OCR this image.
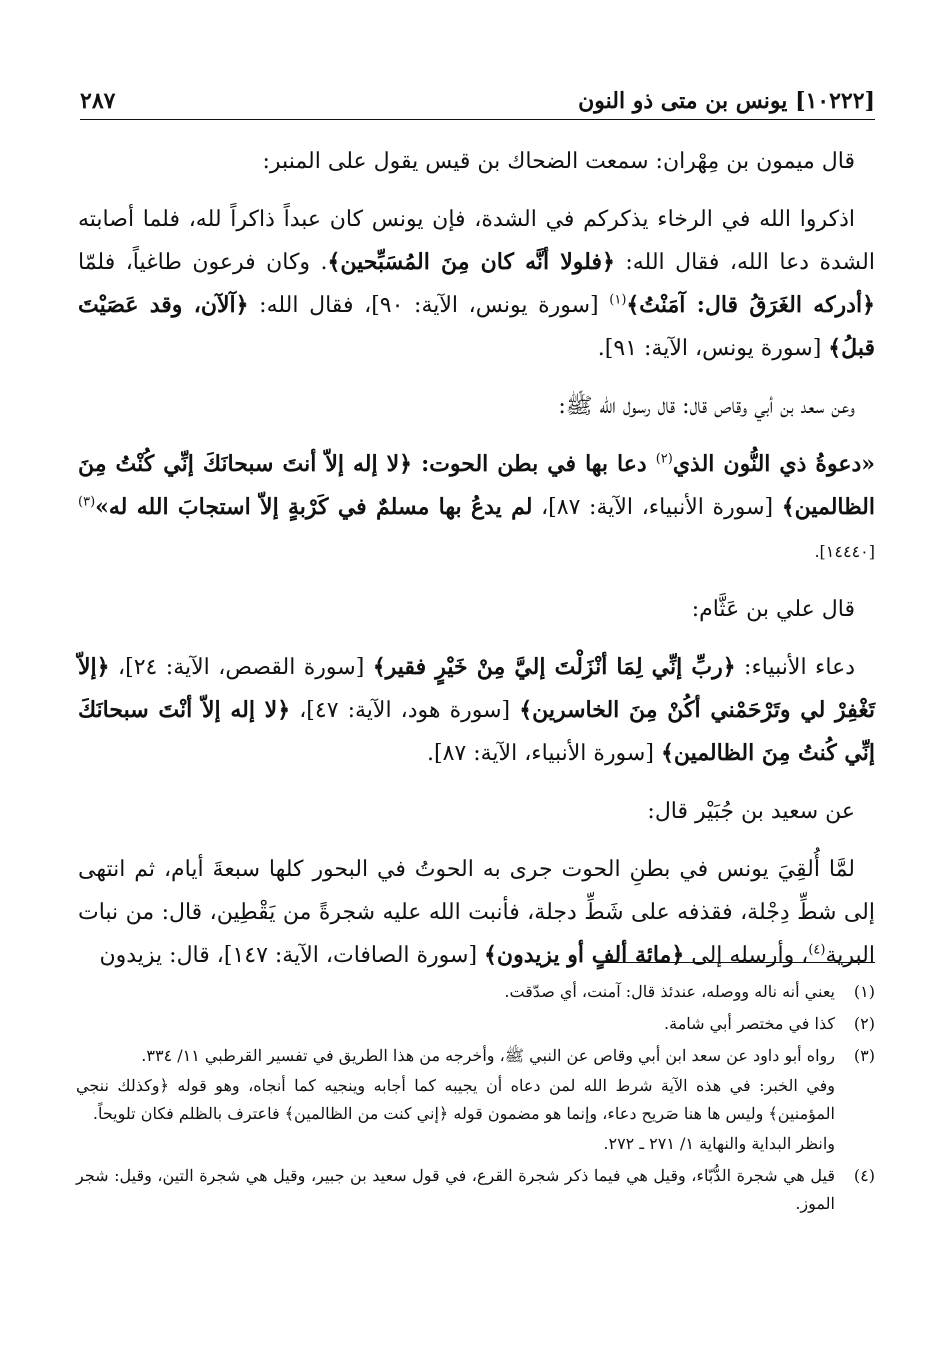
٢٨٧	[١٠٢٢٢] يونس بن متى ذو النون

قال ميمون بن مِهْران: سمعت الضحاك بن قيس يقول على المنبر:

اذكروا الله في الرخاء يذكركم في الشدة، فإن يونس كان عبداً ذاكراً لله، فلما أصابته الشدة دعا الله، فقال الله: ﴿فلولا أنَّه كان مِنَ المُسَبِّحين﴾. وكان فرعون طاغياً، فلمّا ﴿أدركه الغَرَقُ قال: آمَنْتُ﴾$^{(١)}$ [سورة يونس، الآية: ٩٠]، فقال الله: ﴿آلآن، وقد عَصَيْتَ قبلُ﴾ [سورة يونس، الآية: ٩١].

وعن سعد بن أبي وقاص قال: قال رسول الله ﷺ:

«دعوةُ ذي النُّون الذي$^{(٢)}$ دعا بها في بطن الحوت: ﴿لا إله إلاّ أنتَ سبحانَكَ إنِّي كُنْتُ مِنَ الظالمين﴾ [سورة الأنبياء، الآية: ٨٧]، لم يدعُ بها مسلمٌ في كَرْبةٍ إلاّ استجابَ الله له»$^{(٣)}$[١٤٤٤٠].

قال علي بن عَثَّام:

دعاء الأنبياء: ﴿ربِّ إنِّي لِمَا أنْزَلْتَ إليَّ مِنْ خَيْرٍ فقير﴾ [سورة القصص، الآية: ٢٤]، ﴿إلاّ تَغْفِرْ لي وتَرْحَمْني أكُنْ مِنَ الخاسرين﴾ [سورة هود، الآية: ٤٧]، ﴿لا إله إلاّ أنْتَ سبحانَكَ إنِّي كُنتُ مِنَ الظالمين﴾ [سورة الأنبياء، الآية: ٨٧].

عن سعيد بن جُبَيْر قال:

لمَّا أُلقِيَ يونس في بطنِ الحوت جرى به الحوتُ في البحور كلها سبعةَ أيام، ثم انتهى إلى شطِّ دِجْلة، فقذفه على شَطِّ دجلة، فأنبت الله عليه شجرةً من يَقْطِين، قال: من نبات البرية$^{(٤)}$، وأرسله إلى ﴿مائة ألفٍ أو يزيدون﴾ [سورة الصافات، الآية: ١٤٧]، قال: يزيدون

(١)
يعني أنه ناله ووصله، عندئذ قال: آمنت، أي صدّقت.
(٢)
كذا في مختصر أبي شامة.
(٣)
رواه أبو داود عن سعد ابن أبي وقاص عن النبي ﷺ، وأخرجه من هذا الطريق في تفسير القرطبي ١١/ ٣٣٤.
وفي الخبر: في هذه الآية شرط الله لمن دعاه أن يجيبه كما أجابه وينجيه كما أنجاه، وهو قوله ﴿وكذلك ننجي المؤمنين﴾ وليس ها هنا صَريح دعاء، وإنما هو مضمون قوله ﴿إني كنت من الظالمين﴾ فاعترف بالظلم فكان تلويحاً.
وانظر البداية والنهاية ١/ ٢٧١ ـ ٢٧٢.
(٤)
قيل هي شجرة الدُّبّاء، وقيل هي فيما ذكر شجرة القرع، في قول سعيد بن جبير، وقيل هي شجرة التين، وقيل: شجر الموز.
